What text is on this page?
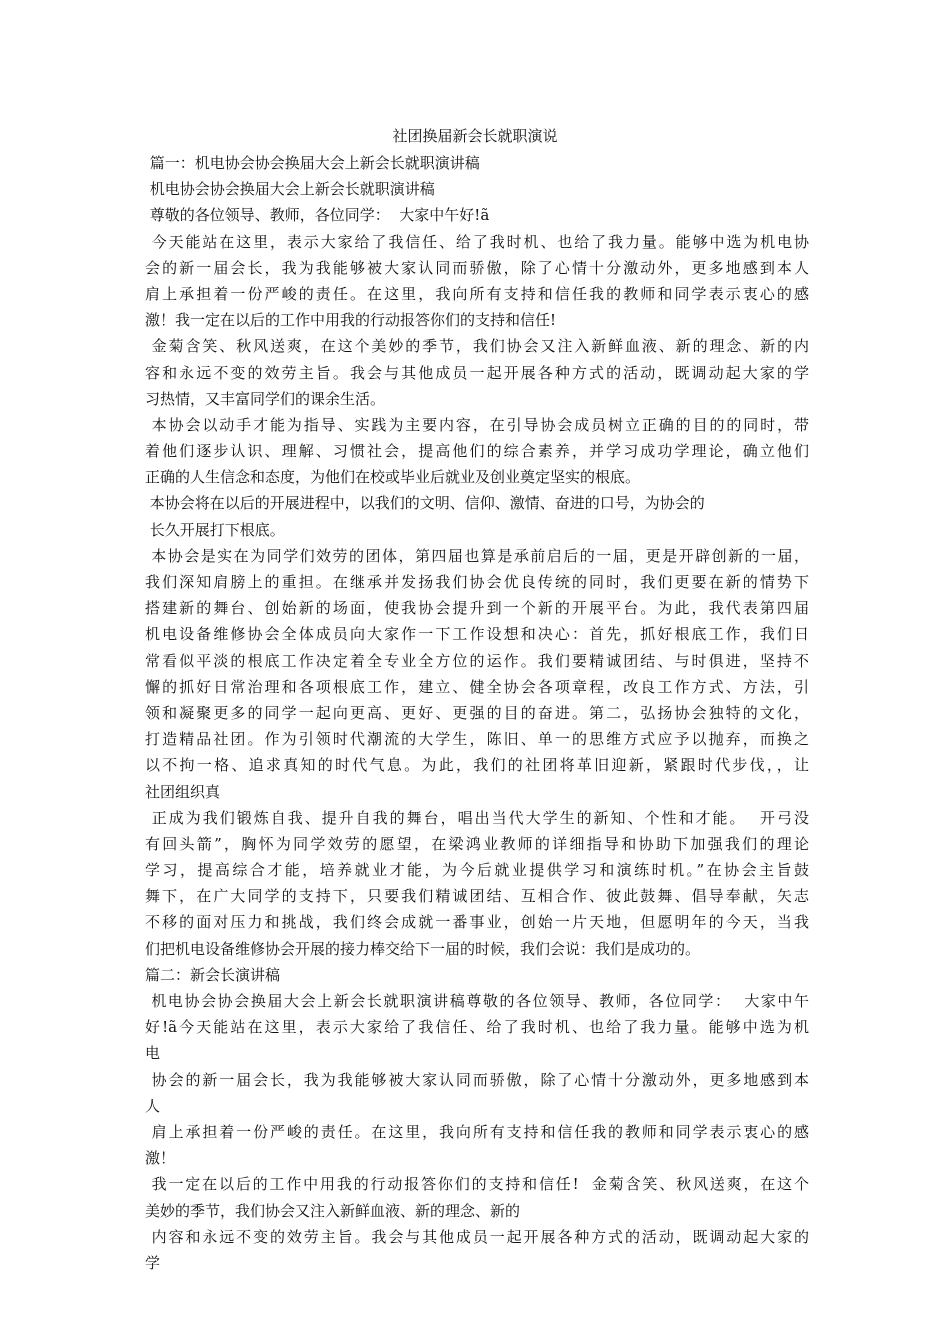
社团换届新会长就职演说
篇一：机电协会协会换届大会上新会长就职演讲稿
机电协会协会换届大会上新会长就职演讲稿
尊敬的各位领导、教师，各位同学：  大家中午好!ã
今天能站在这里，表示大家给了我信任、给了我时机、也给了我力量。能够中选为机电协
会的新一届会长，我为我能够被大家认同而骄傲，除了心情十分激动外，更多地感到本人
肩上承担着一份严峻的责任。在这里，我向所有支持和信任我的教师和同学表示衷心的感
激！我一定在以后的工作中用我的行动报答你们的支持和信任!
金菊含笑、秋风送爽，在这个美妙的季节，我们协会又注入新鲜血液、新的理念、新的内
容和永远不变的效劳主旨。我会与其他成员一起开展各种方式的活动，既调动起大家的学
习热情，又丰富同学们的课余生活。
本协会以动手才能为指导、实践为主要内容，在引导协会成员树立正确的目的的同时，带
着他们逐步认识、理解、习惯社会，提高他们的综合素养，并学习成功学理论，确立他们
正确的人生信念和态度，为他们在校或毕业后就业及创业奠定坚实的根底。
本协会将在以后的开展进程中，以我们的文明、信仰、激情、奋进的口号，为协会的
长久开展打下根底。
本协会是实在为同学们效劳的团体，第四届也算是承前启后的一届，更是开辟创新的一届，
我们深知肩膀上的重担。在继承并发扬我们协会优良传统的同时，我们更要在新的情势下
搭建新的舞台、创始新的场面，使我协会提升到一个新的开展平台。为此，我代表第四届
机电设备维修协会全体成员向大家作一下工作设想和决心：首先，抓好根底工作，我们日
常看似平淡的根底工作决定着全专业全方位的运作。我们要精诚团结、与时俱进，坚持不
懈的抓好日常治理和各项根底工作，建立、健全协会各项章程，改良工作方式、方法，引
领和凝聚更多的同学一起向更高、更好、更强的目的奋进。第二，弘扬协会独特的文化，
打造精品社团。作为引领时代潮流的大学生，陈旧、单一的思维方式应予以抛弃，而换之
以不拘一格、追求真知的时代气息。为此，我们的社团将革旧迎新，紧跟时代步伐，，让
社团组织真
正成为我们锻炼自我、提升自我的舞台，唱出当代大学生的新知、个性和才能。  开弓没
有回头箭”，胸怀为同学效劳的愿望，在梁鸿业教师的详细指导和协助下加强我们的理论
学习，提高综合才能，培养就业才能，为今后就业提供学习和演练时机。”在协会主旨鼓
舞下，在广大同学的支持下，只要我们精诚团结、互相合作、彼此鼓舞、倡导奉献，矢志
不移的面对压力和挑战，我们终会成就一番事业，创始一片天地，但愿明年的今天，当我
们把机电设备维修协会开展的接力棒交给下一届的时候，我们会说：我们是成功的。
篇二：新会长演讲稿
机电协会协会换届大会上新会长就职演讲稿尊敬的各位领导、教师，各位同学：  大家中午
好!ã今天能站在这里，表示大家给了我信任、给了我时机、也给了我力量。能够中选为机
电
协会的新一届会长，我为我能够被大家认同而骄傲，除了心情十分激动外，更多地感到本
人
肩上承担着一份严峻的责任。在这里，我向所有支持和信任我的教师和同学表示衷心的感
激！
我一定在以后的工作中用我的行动报答你们的支持和信任!  金菊含笑、秋风送爽，在这个
美妙的季节，我们协会又注入新鲜血液、新的理念、新的
内容和永远不变的效劳主旨。我会与其他成员一起开展各种方式的活动，既调动起大家的
学
